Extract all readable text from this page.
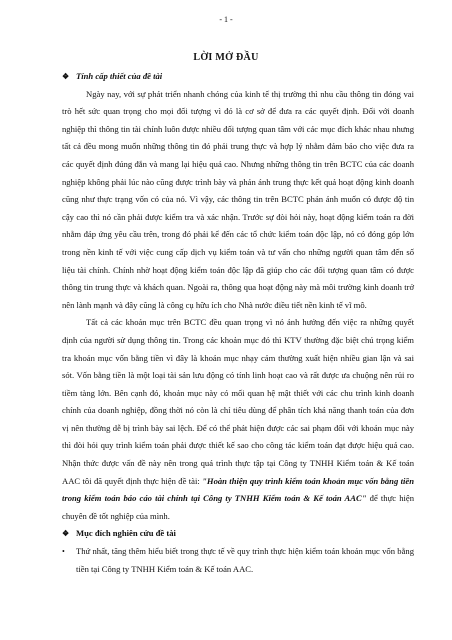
- 1 -
LỜI MỞ ĐẦU
❖ Tính cấp thiết của đề tài

Ngày nay, với sự phát triển nhanh chóng của kinh tế thị trường thì nhu cầu thông tin đóng vai trò hết sức quan trọng cho mọi đối tượng vì đó là cơ sở để đưa ra các quyết định. Đối với doanh nghiệp thì thông tin tài chính luôn được nhiều đối tượng quan tâm với các mục đích khác nhau nhưng tất cả đều mong muốn những thông tin đó phải trung thực và hợp lý nhằm đảm bảo cho việc đưa ra các quyết định đúng đắn và mang lại hiệu quả cao. Nhưng những thông tin trên BCTC của các doanh nghiệp không phải lúc nào cũng được trình bày và phản ánh trung thực kết quả hoạt động kinh doanh cũng như thực trạng vốn có của nó. Vì vậy, các thông tin trên BCTC phản ánh muốn có được độ tin cậy cao thì nó cần phải được kiểm tra và xác nhận. Trước sự đòi hỏi này, hoạt động kiểm toán ra đời nhằm đáp ứng yêu cầu trên, trong đó phải kể đến các tổ chức kiểm toán độc lập, nó có đóng góp lớn trong nền kinh tế với việc cung cấp dịch vụ kiểm toán và tư vấn cho những người quan tâm đến số liệu tài chính. Chính nhờ hoạt động kiểm toán độc lập đã giúp cho các đối tượng quan tâm có được thông tin trung thực và khách quan. Ngoài ra, thông qua hoạt động này mà môi trường kinh doanh trở nên lành mạnh và đây cũng là công cụ hữu ích cho Nhà nước điều tiết nền kinh tế vĩ mô.

Tất cả các khoản mục trên BCTC đều quan trọng vì nó ảnh hưởng đến việc ra những quyết định của người sử dụng thông tin. Trong các khoản mục đó thì KTV thường đặc biệt chú trọng kiểm tra khoản mục vốn bằng tiền vì đây là khoản mục nhạy cảm thường xuất hiện nhiều gian lận và sai sót. Vốn bằng tiền là một loại tài sản lưu động có tính linh hoạt cao và rất được ưa chuộng nên rủi ro tiềm tàng lớn. Bên cạnh đó, khoản mục này có mối quan hệ mật thiết với các chu trình kinh doanh chính của doanh nghiệp, đồng thời nó còn là chỉ tiêu dùng để phân tích khả năng thanh toán của đơn vị nên thường dễ bị trình bày sai lệch. Để có thể phát hiện được các sai phạm đối với khoản mục này thì đòi hỏi quy trình kiểm toán phải được thiết kế sao cho công tác kiểm toán đạt được hiệu quả cao. Nhận thức được vấn đề này nên trong quá trình thực tập tại Công ty TNHH Kiểm toán & Kế toán AAC tôi đã quyết định thực hiện đề tài: "Hoàn thiện quy trình kiểm toán khoản mục vốn bằng tiền trong kiểm toán báo cáo tài chính tại Công ty TNHH Kiểm toán & Kế toán AAC" để thực hiện chuyên đề tốt nghiệp của mình.

❖ Mục đích nghiên cứu đề tài
• Thứ nhất, tăng thêm hiểu biết trong thực tế về quy trình thực hiện kiểm toán khoản mục vốn bằng tiền tại Công ty TNHH Kiểm toán & Kế toán AAC.
